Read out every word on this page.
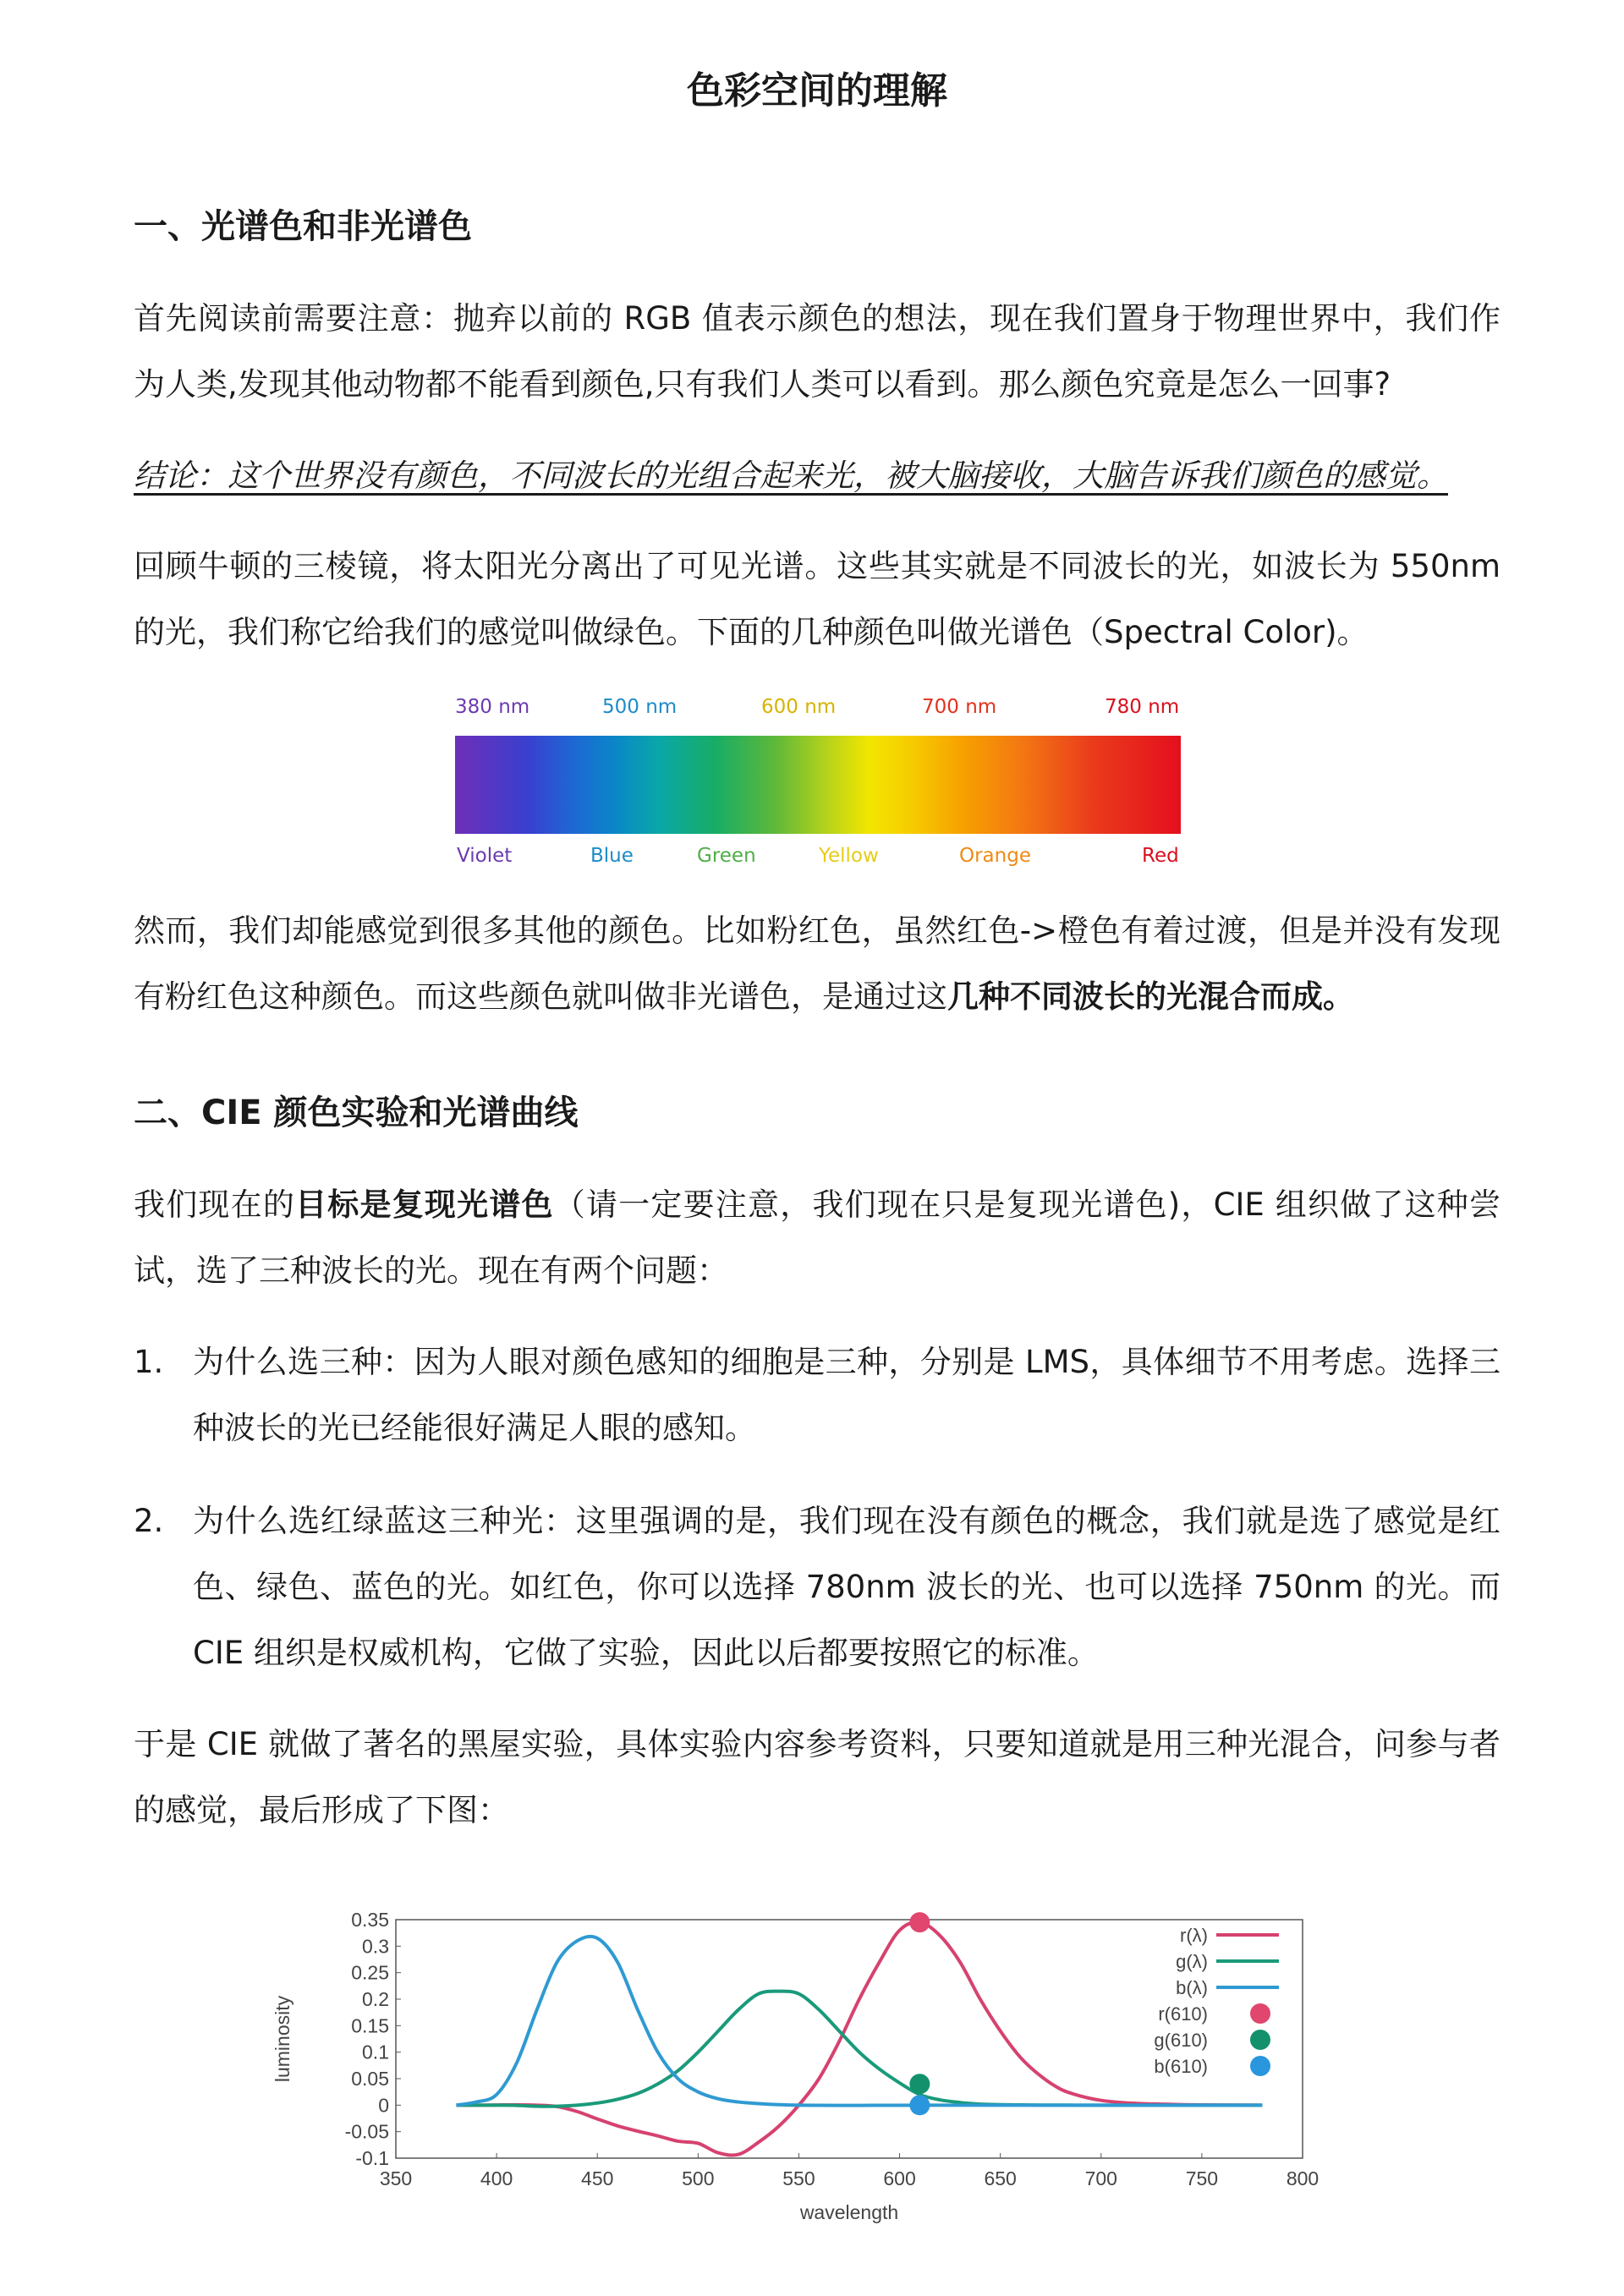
色彩空间的理解
一、光谱色和非光谱色
首先阅读前需要注意：抛弃以前的 RGB 值表示颜色的想法，现在我们置身于物理世界中，我们作为人类,发现其他动物都不能看到颜色,只有我们人类可以看到。那么颜色究竟是怎么一回事?
结论：这个世界没有颜色，不同波长的光组合起来光，被大脑接收，大脑告诉我们颜色的感觉。
回顾牛顿的三棱镜，将太阳光分离出了可见光谱。这些其实就是不同波长的光，如波长为 550nm 的光，我们称它给我们的感觉叫做绿色。下面的几种颜色叫做光谱色（Spectral Color)。
380 nm	500 nm	600 nm	700 nm	780 nm
Violet	Blue	Green	Yellow	Orange	Red
然而，我们却能感觉到很多其他的颜色。比如粉红色，虽然红色->橙色有着过渡，但是并没有发现有粉红色这种颜色。而这些颜色就叫做非光谱色，是通过这几种不同波长的光混合而成。
二、CIE 颜色实验和光谱曲线
我们现在的目标是复现光谱色（请一定要注意，我们现在只是复现光谱色)，CIE 组织做了这种尝试，选了三种波长的光。现在有两个问题：
1. 为什么选三种：因为人眼对颜色感知的细胞是三种，分别是 LMS，具体细节不用考虑。选择三种波长的光已经能很好满足人眼的感知。
2. 为什么选红绿蓝这三种光：这里强调的是，我们现在没有颜色的概念，我们就是选了感觉是红色、绿色、蓝色的光。如红色，你可以选择 780nm 波长的光、也可以选择 750nm 的光。而 CIE 组织是权威机构，它做了实验，因此以后都要按照它的标准。
于是 CIE 就做了著名的黑屋实验，具体实验内容参考资料，只要知道就是用三种光混合，问参与者的感觉，最后形成了下图：
350	400	450	500	550	600	650	700	750	800
0.35
0.3
0.25
0.2
0.15
0.1
0.05
0
-0.05
-0.1
wavelength
luminosity
r(λ)
g(λ)
b(λ)
r(610)
g(610)
b(610)
